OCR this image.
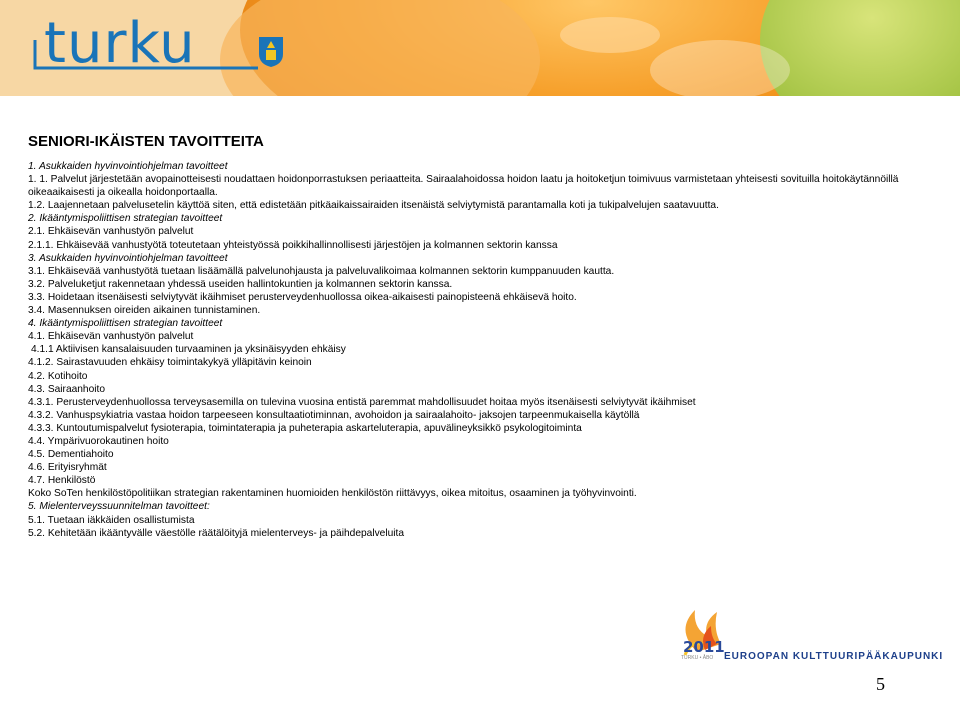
turku
SENIORI-IKÄISTEN TAVOITTEITA
1. Asukkaiden hyvinvointiohjelman tavoitteet
1. 1. Palvelut järjestetään avopainotteisesti noudattaen hoidonporrastuksen periaatteita. Sairaalahoidossa hoidon laatu ja hoitoketjun toimivuus varmistetaan yhteisesti sovituilla hoitokäytännöillä oikeaaikaisesti ja oikealla hoidonportaalla.
1.2. Laajennetaan palvelusetelin käyttöä siten, että edistetään pitkäaikaissairaiden itsenäistä selviytymistä parantamalla koti ja tukipalvelujen saatavuutta.
2. Ikääntymispoliittisen strategian tavoitteet
2.1. Ehkäisevän vanhustyön palvelut
2.1.1. Ehkäisevää vanhustyötä toteutetaan yhteistyössä poikkihallinnollisesti järjestöjen ja kolmannen sektorin kanssa
3. Asukkaiden hyvinvointiohjelman tavoitteet
3.1. Ehkäisevää vanhustyötä tuetaan lisäämällä palvelunohjausta ja palveluvalikoimaa kolmannen sektorin kumppanuuden kautta.
3.2. Palveluketjut rakennetaan yhdessä useiden hallintokuntien ja kolmannen sektorin kanssa.
3.3. Hoidetaan itsenäisesti selviytyvät ikäihmiset perusterveydenhuollossa oikea-aikaisesti painopisteenä ehkäisevä hoito.
3.4. Masennuksen oireiden aikainen tunnistaminen.
4. Ikääntymispoliittisen strategian tavoitteet
4.1. Ehkäisevän vanhustyön palvelut
4.1.1 Aktiivisen kansalaisuuden turvaaminen ja yksinäisyyden ehkäisy
4.1.2. Sairastavuuden ehkäisy toimintakykyä ylläpitävin keinoin
4.2. Kotihoito
4.3. Sairaanhoito
4.3.1. Perusterveydenhuollossa terveysasemilla on tulevina vuosina entistä paremmat mahdollisuudet hoitaa myös itsenäisesti selviytyvät ikäihmiset
4.3.2. Vanhuspsykiatria vastaa hoidon tarpeeseen konsultaatiotiminnan, avohoidon ja sairaalahoito- jaksojen tarpeenmukaisella käytöllä
4.3.3. Kuntoutumispalvelut fysioterapia, toimintaterapia ja puheterapia askarteluterapia, apuvälineyksikkö psykologitoiminta
4.4. Ympärivuorokautinen hoito
4.5. Dementiahoito
4.6. Erityisryhmät
4.7. Henkilöstö
Koko SoTen henkilöstöpolitiikan strategian rakentaminen huomioiden henkilöstön riittävyys, oikea mitoitus, osaaminen ja työhyvinvointi.
5. Mielenterveyssuunnitelman tavoitteet:
5.1. Tuetaan iäkkäiden osallistumista
5.2. Kehitetään ikääntyvälle väestölle räätälöityjä mielenterveys- ja päihdepalveluita
2011
TURKU • ÅBO EUROOPAN KULTTUURIPÄÄKAUPUNKI
5
